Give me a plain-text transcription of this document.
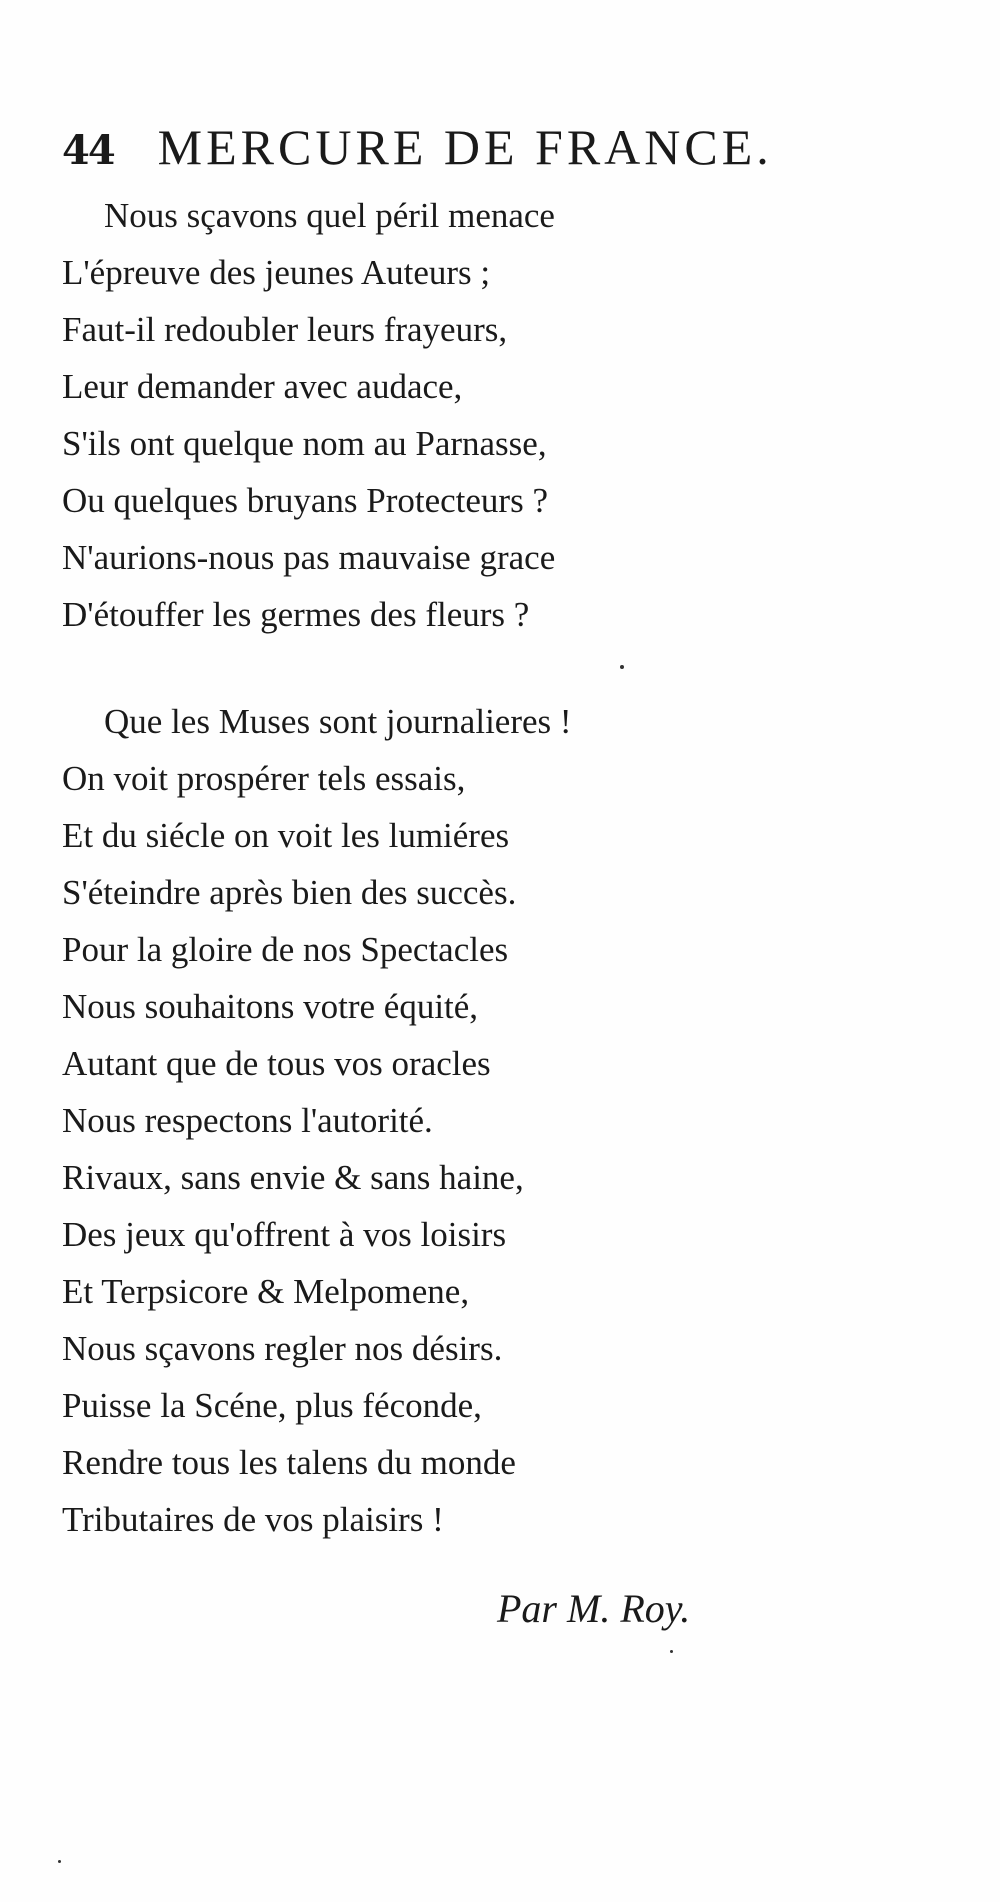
44 MERCURE DE FRANCE.
Nous sçavons quel péril menace
L'épreuve des jeunes Auteurs ;
Faut-il redoubler leurs frayeurs,
Leur demander avec audace,
S'ils ont quelque nom au Parnasse,
Ou quelques bruyans Protecteurs ?
N'aurions-nous pas mauvaise grace
D'étouffer les germes des fleurs ?
Que les Muses sont journalieres !
On voit prospérer tels essais,
Et du siécle on voit les lumiéres
S'éteindre après bien des succès.
Pour la gloire de nos Spectacles
Nous souhaitons votre équité,
Autant que de tous vos oracles
Nous respectons l'autorité.
Rivaux, sans envie & sans haine,
Des jeux qu'offrent à vos loisirs
Et Terpsicore & Melpomene,
Nous sçavons regler nos désirs.
Puisse la Scéne, plus féconde,
Rendre tous les talens du monde
Tributaires de vos plaisirs !
Par M. Roy.
